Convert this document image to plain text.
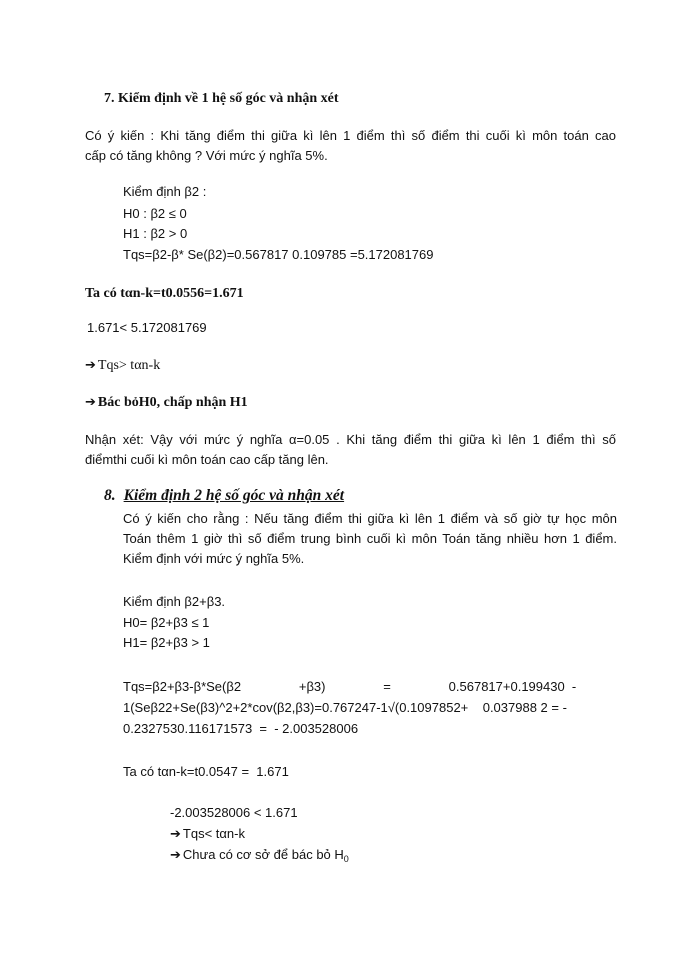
7. Kiểm định về 1 hệ số góc và nhận xét
Có ý kiến : Khi tăng điểm thi giữa kì lên 1 điểm thì số điểm thi cuối kì môn toán cao
cấp có tăng không ? Với mức ý nghĩa 5%.
Kiểm định β2 :
H0 : β2 ≤ 0
H1 : β2 > 0
Tqs=β2-β* Se(β2)=0.567817 0.109785 =5.172081769
Ta có tαn-k=t0.0556=1.671
1.671< 5.172081769
➔ Tqs> tαn-k
➔ Bác bỏH0, chấp nhận H1
Nhận xét: Vậy với mức ý nghĩa α=0.05 . Khi tăng điểm thi giữa kì lên 1 điểm thì số
điểmthi cuối kì môn toán cao cấp tăng lên.
8. Kiểm định 2 hệ số góc và nhận xét
Có ý kiến cho rằng : Nếu tăng điểm thi giữa kì lên 1 điểm và số giờ tự học môn
Toán thêm 1 giờ thì số điểm trung bình cuối kì môn Toán tăng nhiều hơn 1 điểm.
Kiểm định với mức ý nghĩa 5%.
Kiểm định β2+β3.
H0= β2+β3 ≤ 1
H1= β2+β3 > 1
Tqs=β2+β3-β*Se(β2                +β3)                =                0.567817+0.199430  -
1(Seβ22+Se(β3)^2+2*cov(β2,β3)=0.767247-1√(0.1097852+    0.037988 2 = -
0.2327530.116171573  =  - 2.003528006
Ta có tαn-k=t0.0547 =  1.671
-2.003528006 < 1.671
➔ Tqs< tαn-k
➔ Chưa có cơ sở để bác bỏ $H_0$
